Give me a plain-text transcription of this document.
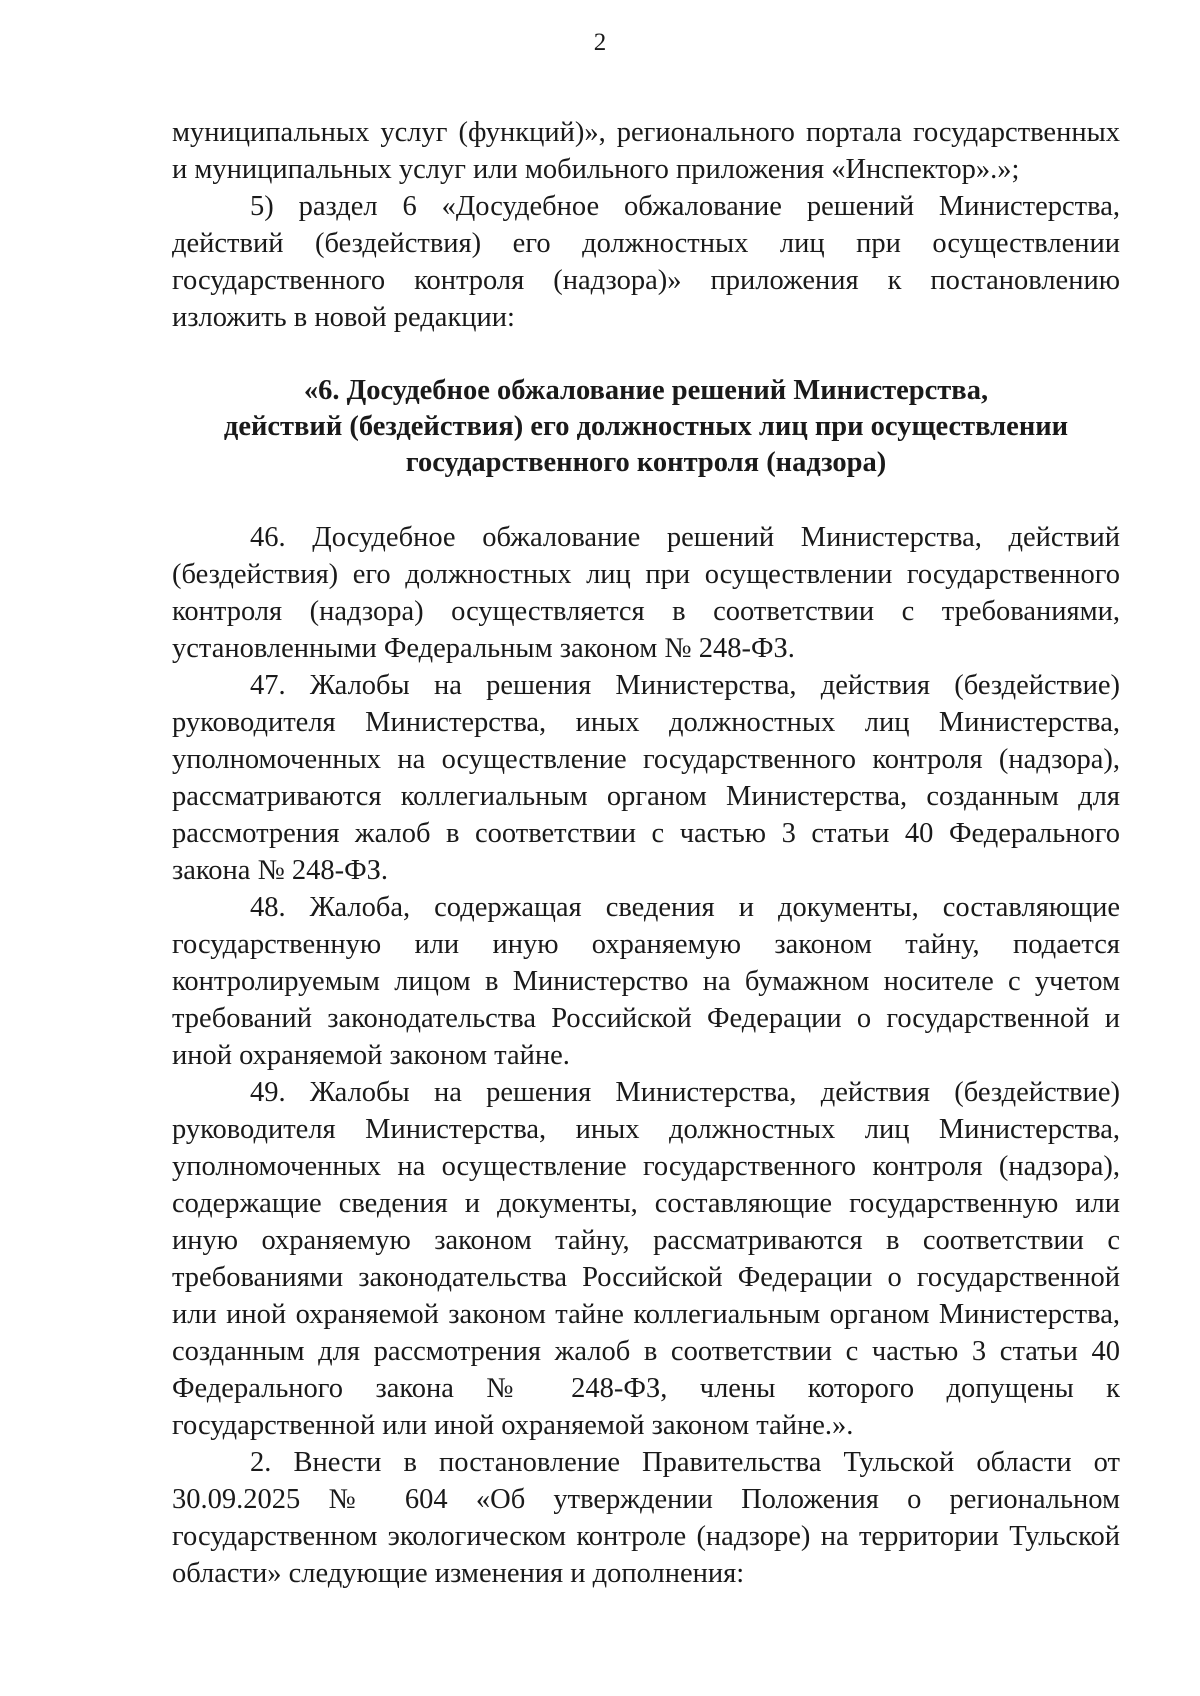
2

муниципальных услуг (функций)», регионального портала государственных и муниципальных услуг или мобильного приложения «Инспектор».»;

5) раздел 6 «Досудебное обжалование решений Министерства, действий (бездействия) его должностных лиц при осуществлении государственного контроля (надзора)» приложения к постановлению изложить в новой редакции:

«6. Досудебное обжалование решений Министерства,
действий (бездействия) его должностных лиц при осуществлении
государственного контроля (надзора)

46. Досудебное обжалование решений Министерства, действий (бездействия) его должностных лиц при осуществлении государственного контроля (надзора) осуществляется в соответствии с требованиями, установленными Федеральным законом № 248-ФЗ.

47. Жалобы на решения Министерства, действия (бездействие) руководителя Министерства, иных должностных лиц Министерства, уполномоченных на осуществление государственного контроля (надзора), рассматриваются коллегиальным органом Министерства, созданным для рассмотрения жалоб в соответствии с частью 3 статьи 40 Федерального закона № 248-ФЗ.

48. Жалоба, содержащая сведения и документы, составляющие государственную или иную охраняемую законом тайну, подается контролируемым лицом в Министерство на бумажном носителе с учетом требований законодательства Российской Федерации о государственной и иной охраняемой законом тайне.

49. Жалобы на решения Министерства, действия (бездействие) руководителя Министерства, иных должностных лиц Министерства, уполномоченных на осуществление государственного контроля (надзора), содержащие сведения и документы, составляющие государственную или иную охраняемую законом тайну, рассматриваются в соответствии с требованиями законодательства Российской Федерации о государственной или иной охраняемой законом тайне коллегиальным органом Министерства, созданным для рассмотрения жалоб в соответствии с частью 3 статьи 40 Федерального закона № 248-ФЗ, члены которого допущены к государственной или иной охраняемой законом тайне.».

2. Внести в постановление Правительства Тульской области от 30.09.2025 № 604 «Об утверждении Положения о региональном государственном экологическом контроле (надзоре) на территории Тульской области» следующие изменения и дополнения:
